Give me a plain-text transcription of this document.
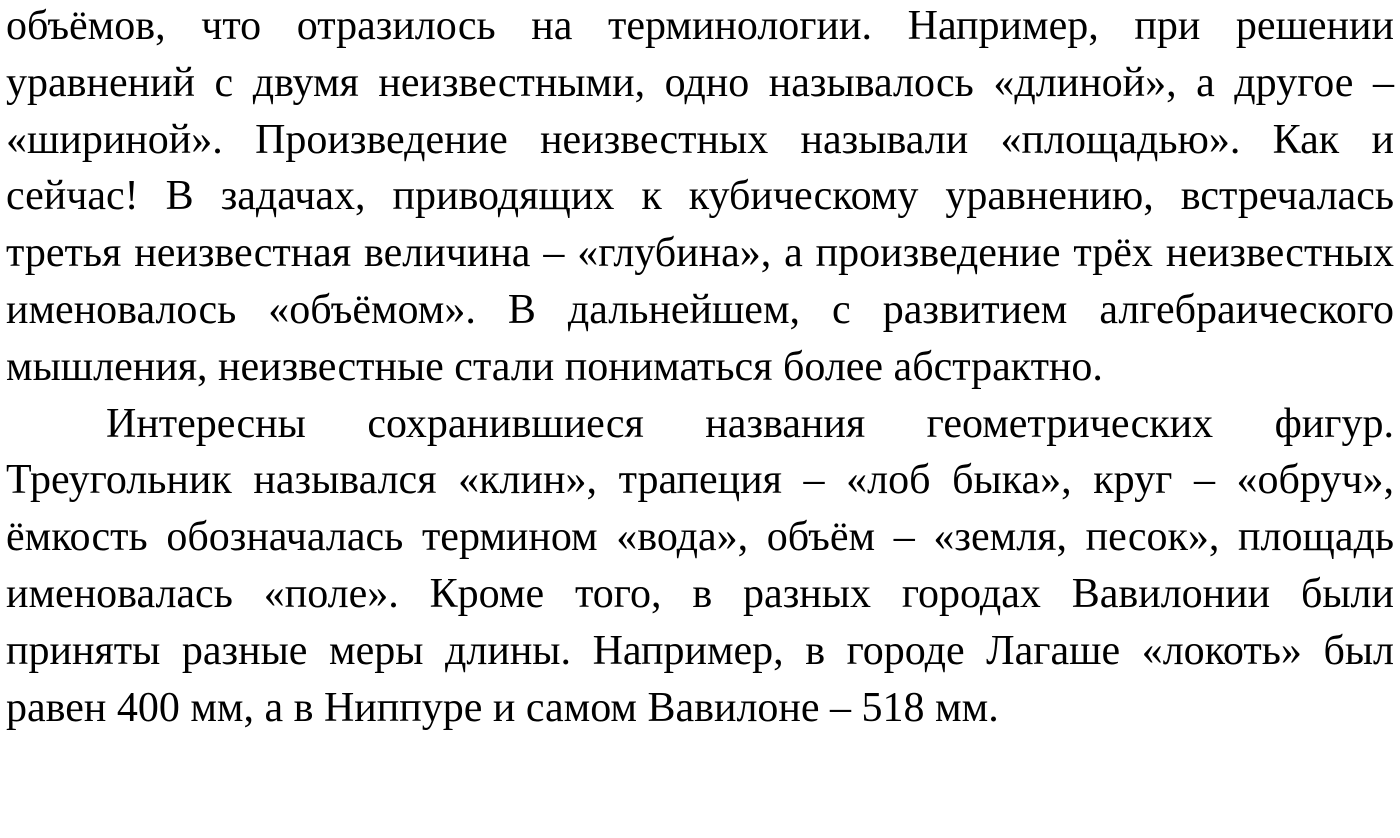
объёмов, что отразилось на терминологии. Например, при решении уравнений с двумя неизвестными, одно называлось «длиной», а другое – «шириной». Произведение неизвестных называли «площадью». Как и сейчас! В задачах, приводящих к кубическому уравнению, встречалась третья неизвестная величина – «глубина», а произведение трёх неизвестных именовалось «объёмом». В дальнейшем, с развитием алгебраического мышления, неизвестные стали пониматься более абстрактно.

Интересны сохранившиеся названия геометрических фигур. Треугольник назывался «клин», трапеция – «лоб быка», круг – «обруч», ёмкость обозначалась термином «вода», объём – «земля, песок», площадь именовалась «поле». Кроме того, в разных городах Вавилонии были приняты разные меры длины. Например, в городе Лагаше «локоть» был равен 400 мм, а в Ниппуре и самом Вавилоне – 518 мм.
